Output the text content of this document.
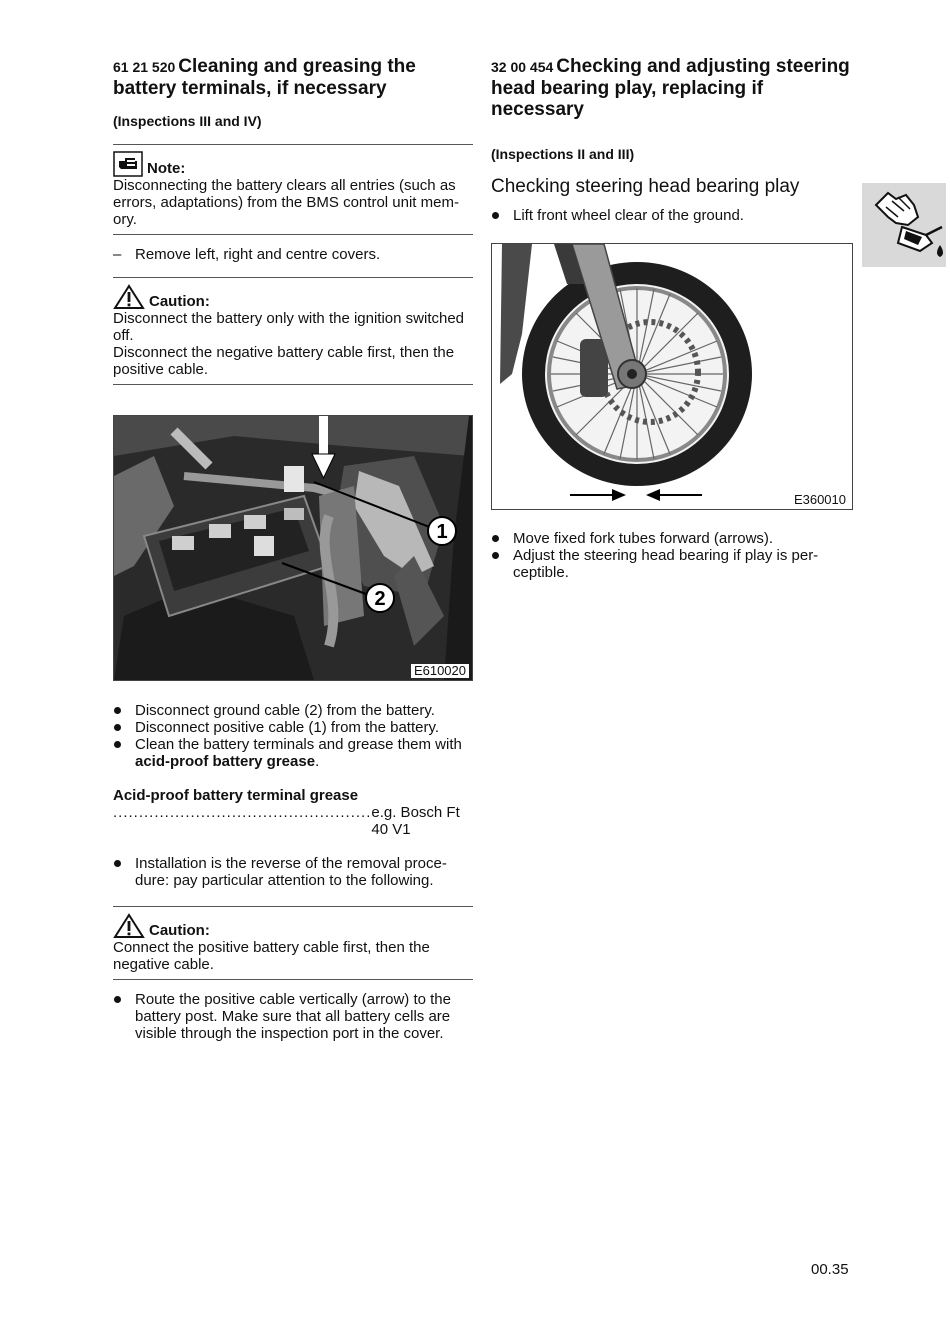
61 21 520 Cleaning and greasing the battery terminals, if necessary

(Inspections III and IV)

Note:

Disconnecting the battery clears all entries (such as errors, adaptations) from the BMS control unit mem-ory.

– Remove left, right and centre covers.
Caution:

Disconnect the battery only with the ignition switched off.

Disconnect the negative battery cable first, then the positive cable.

1
2
E610020
Disconnect ground cable (2) from the battery.
Disconnect positive cable (1) from the battery.
Clean the battery terminals and grease them with acid-proof battery grease.

Acid-proof battery terminal grease

.................................................. e.g. Bosch Ft 40 V1
Installation is the reverse of the removal proce-dure: pay particular attention to the following.
Caution:

Connect the positive battery cable first, then the negative cable.

Route the positive cable vertically (arrow) to the battery post. Make sure that all battery cells are visible through the inspection port in the cover.
32 00 454 Checking and adjusting steering head bearing play, replacing if necessary

(Inspections II and III)

Checking steering head bearing play
Lift front wheel clear of the ground.
E360010
Move fixed fork tubes forward (arrows).
Adjust the steering head bearing if play is per-ceptible.
00.35
